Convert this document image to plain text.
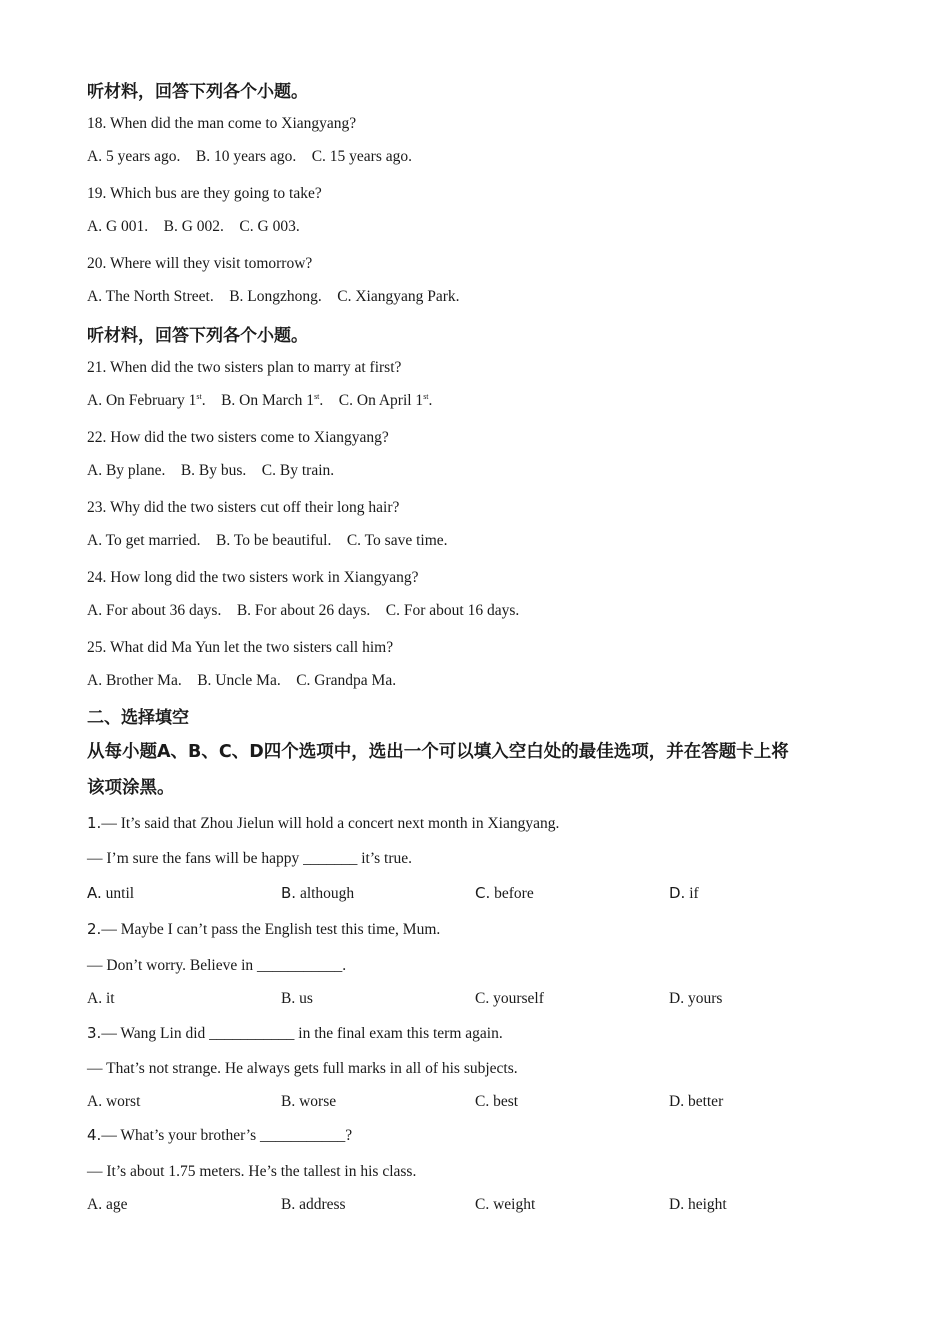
听材料，回答下列各个小题。

18. When did the man come to Xiangyang?

A. 5 years ago.    B. 10 years ago.    C. 15 years ago.

19. Which bus are they going to take?

A. G 001.    B. G 002.    C. G 003.

20. Where will they visit tomorrow?

A. The North Street.    B. Longzhong.    C. Xiangyang Park.

听材料，回答下列各个小题。

21. When did the two sisters plan to marry at first?

A. On February 1st.    B. On March 1st.    C. On April 1st.

22. How did the two sisters come to Xiangyang?

A. By plane.    B. By bus.    C. By train.

23. Why did the two sisters cut off their long hair?

A. To get married.    B. To be beautiful.    C. To save time.

24. How long did the two sisters work in Xiangyang?

A. For about 36 days.    B. For about 26 days.    C. For about 16 days.

25. What did Ma Yun let the two sisters call him?

A. Brother Ma.    B. Uncle Ma.    C. Grandpa Ma.

二、选择填空

从每小题A、B、C、D四个选项中，选出一个可以填入空白处的最佳选项，并在答题卡上将

该项涂黑。

1.— It’s said that Zhou Jielun will hold a concert next month in Xiangyang.

— I’m sure the fans will be happy _______ it’s true.

A. until	B. although	C. before	D. if

2.— Maybe I can’t pass the English test this time, Mum.

— Don’t worry. Believe in ___________.

A. it	B. us	C. yourself	D. yours

3.— Wang Lin did ___________ in the final exam this term again.

— That’s not strange. He always gets full marks in all of his subjects.

A. worst	B. worse	C. best	D. better

4.— What’s your brother’s ___________?

— It’s about 1.75 meters. He’s the tallest in his class.

A. age	B. address	C. weight	D. height
